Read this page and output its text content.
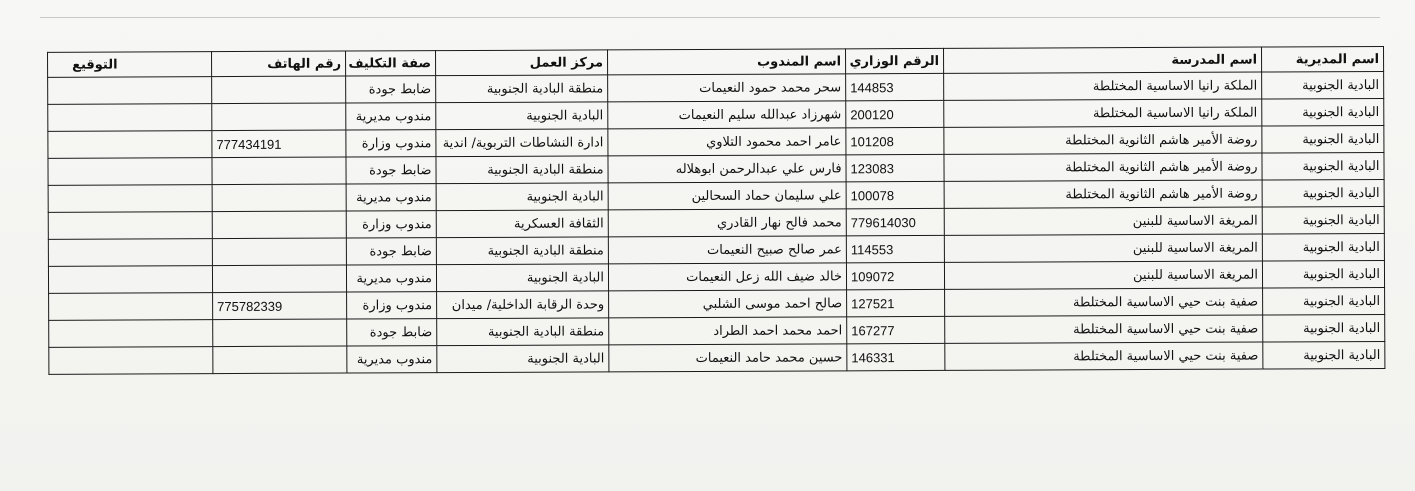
اسم المديرية	اسم المدرسة	الرقم الوزاري	اسم المندوب	مركز العمل	صفة التكليف	رقم الهاتف	التوقيع
البادية الجنوبية	الملكة رانيا الاساسية المختلطة	144853	سحر محمد حمود النعيمات	منطقة البادية الجنوبية	ضابط جودة		
البادية الجنوبية	الملكة رانيا الاساسية المختلطة	200120	شهرزاد عبدالله سليم النعيمات	البادية الجنوبية	مندوب مديرية		
البادية الجنوبية	روضة الأمير هاشم الثانوية المختلطة	101208	عامر احمد محمود التلاوي	ادارة النشاطات التربوية/ اندية	مندوب وزارة	777434191	
البادية الجنوبية	روضة الأمير هاشم الثانوية المختلطة	123083	فارس علي عبدالرحمن ابوهلاله	منطقة البادية الجنوبية	ضابط جودة		
البادية الجنوبية	روضة الأمير هاشم الثانوية المختلطة	100078	علي سليمان حماد السحالين	البادية الجنوبية	مندوب مديرية		
البادية الجنوبية	المريغة الاساسية للبنين	779614030	محمد فالح نهار القادري	الثقافة العسكرية	مندوب وزارة		
البادية الجنوبية	المريغة الاساسية للبنين	114553	عمر صالح صبيح النعيمات	منطقة البادية الجنوبية	ضابط جودة		
البادية الجنوبية	المريغة الاساسية للبنين	109072	خالد ضيف الله زعل النعيمات	البادية الجنوبية	مندوب مديرية		
البادية الجنوبية	صفية بنت حيي الاساسية المختلطة	127521	صالح احمد موسى الشلبي	وحدة الرقابة الداخلية/ ميدان	مندوب وزارة	775782339	
البادية الجنوبية	صفية بنت حيي الاساسية المختلطة	167277	احمد محمد احمد الطراد	منطقة البادية الجنوبية	ضابط جودة		
البادية الجنوبية	صفية بنت حيي الاساسية المختلطة	146331	حسين محمد حامد النعيمات	البادية الجنوبية	مندوب مديرية		
